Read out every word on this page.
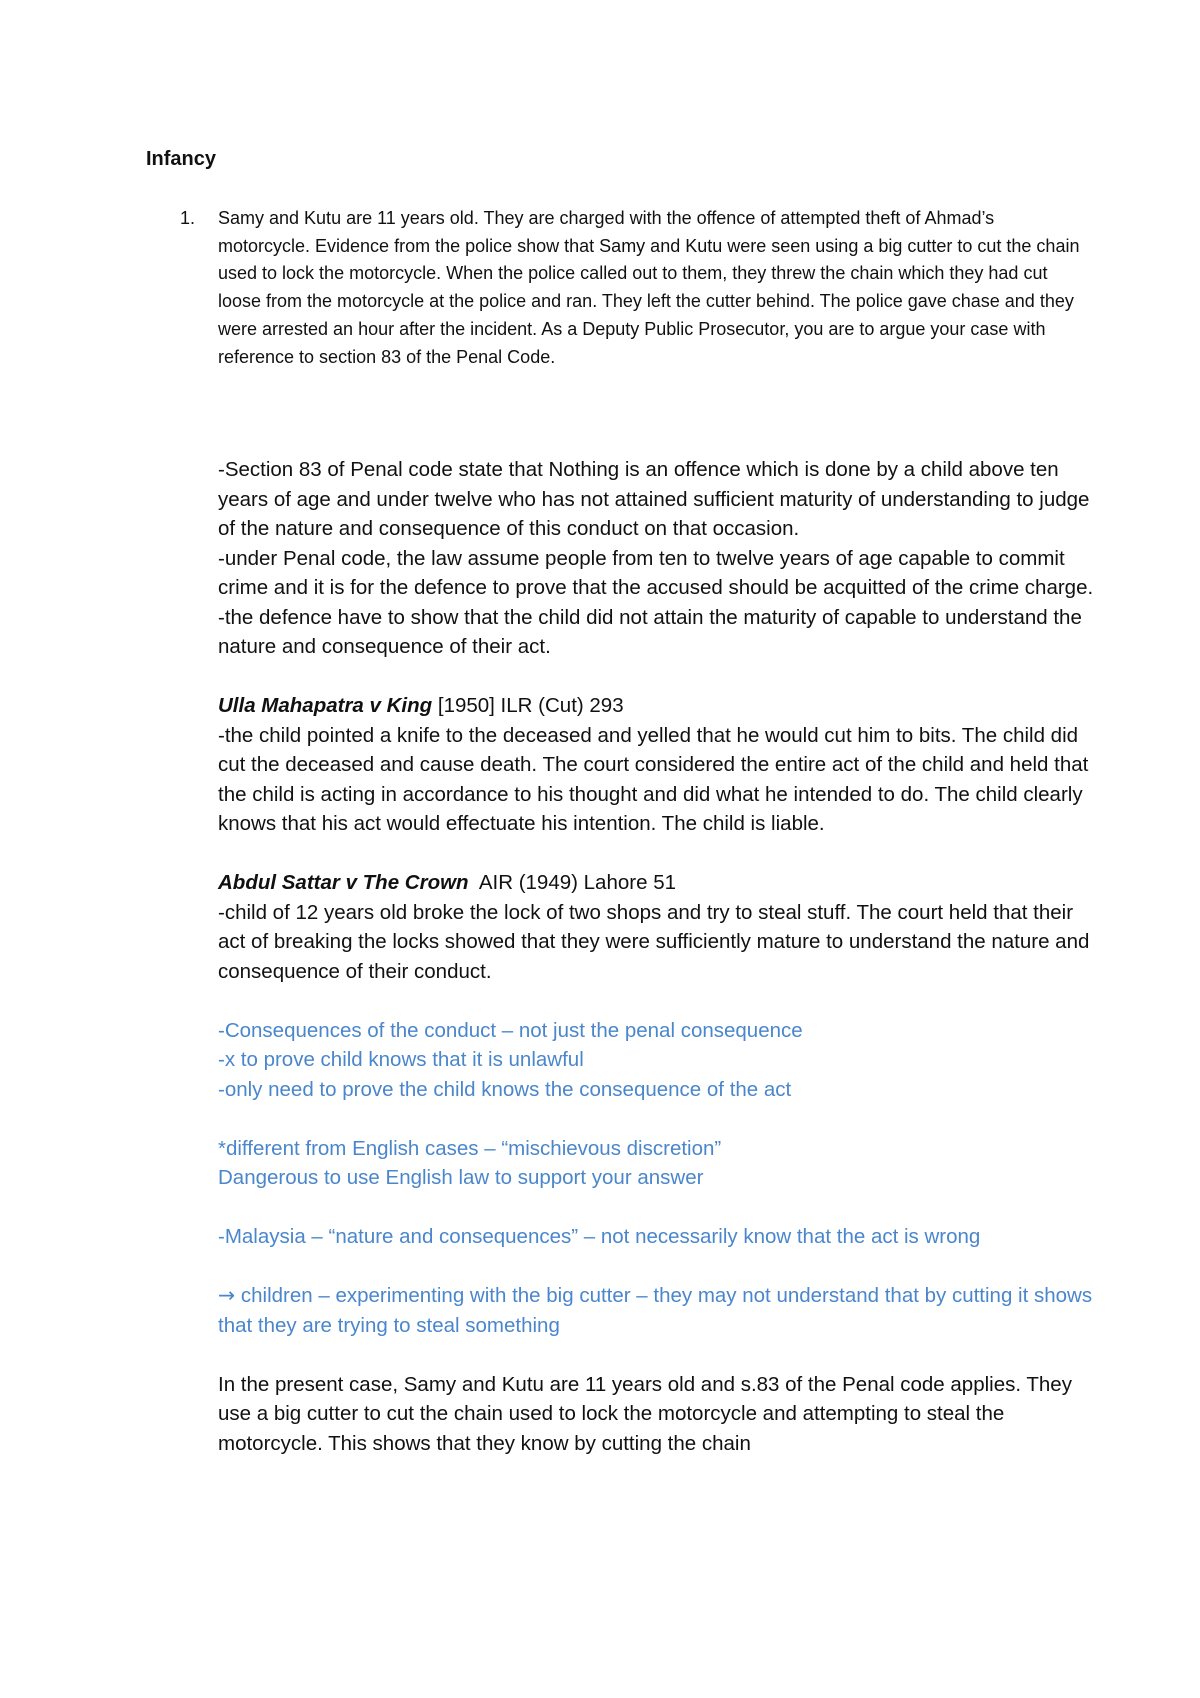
Infancy
1. Samy and Kutu are 11 years old. They are charged with the offence of attempted theft of Ahmad’s motorcycle. Evidence from the police show that Samy and Kutu were seen using a big cutter to cut the chain used to lock the motorcycle. When the police called out to them, they threw the chain which they had cut loose from the motorcycle at the police and ran. They left the cutter behind. The police gave chase and they were arrested an hour after the incident. As a Deputy Public Prosecutor, you are to argue your case with reference to section 83 of the Penal Code.

-Section 83 of Penal code state that Nothing is an offence which is done by a child above ten years of age and under twelve who has not attained sufficient maturity of understanding to judge of the nature and consequence of this conduct on that occasion.

-under Penal code, the law assume people from ten to twelve years of age capable to commit crime and it is for the defence to prove that the accused should be acquitted of the crime charge.

-the defence have to show that the child did not attain the maturity of capable to understand the nature and consequence of their act.

Ulla Mahapatra v King [1950] ILR (Cut) 293

-the child pointed a knife to the deceased and yelled that he would cut him to bits. The child did cut the deceased and cause death. The court considered the entire act of the child and held that the child is acting in accordance to his thought and did what he intended to do. The child clearly knows that his act would effectuate his intention. The child is liable.

Abdul Sattar v The Crown  AIR (1949) Lahore 51

-child of 12 years old broke the lock of two shops and try to steal stuff. The court held that their act of breaking the locks showed that they were sufficiently mature to understand the nature and consequence of their conduct.

-Consequences of the conduct – not just the penal consequence

-x to prove child knows that it is unlawful

-only need to prove the child knows the consequence of the act

*different from English cases – “mischievous discretion”

Dangerous to use English law to support your answer

-Malaysia – “nature and consequences” – not necessarily know that the act is wrong

→ children – experimenting with the big cutter – they may not understand that by cutting it shows that they are trying to steal something

In the present case, Samy and Kutu are 11 years old and s.83 of the Penal code applies. They use a big cutter to cut the chain used to lock the motorcycle and attempting to steal the motorcycle. This shows that they know by cutting the chain
